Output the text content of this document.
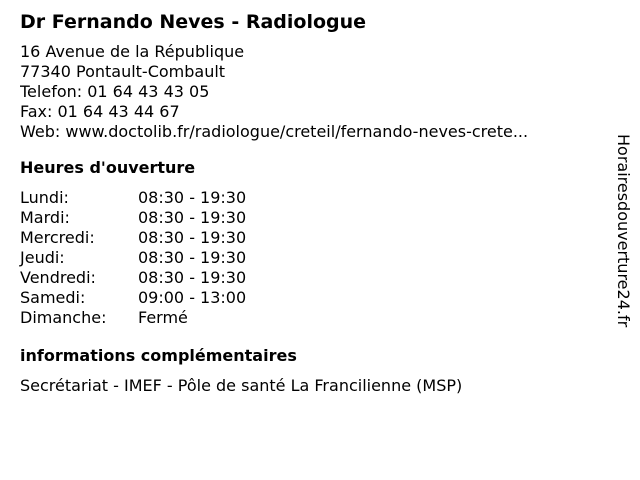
Dr Fernando Neves - Radiologue
16 Avenue de la République
77340 Pontault-Combault
Telefon: 01 64 43 43 05
Fax: 01 64 43 44 67
Web: www.doctolib.fr/radiologue/creteil/fernando-neves-crete...
Heures d'ouverture
Lundi:	08:30 - 19:30
Mardi:	08:30 - 19:30
Mercredi:	08:30 - 19:30
Jeudi:	08:30 - 19:30
Vendredi:	08:30 - 19:30
Samedi:	09:00 - 13:00
Dimanche:	Fermé
informations complémentaires
Secrétariat - IMEF - Pôle de santé La Francilienne (MSP)
Horairesdouverture24.fr
